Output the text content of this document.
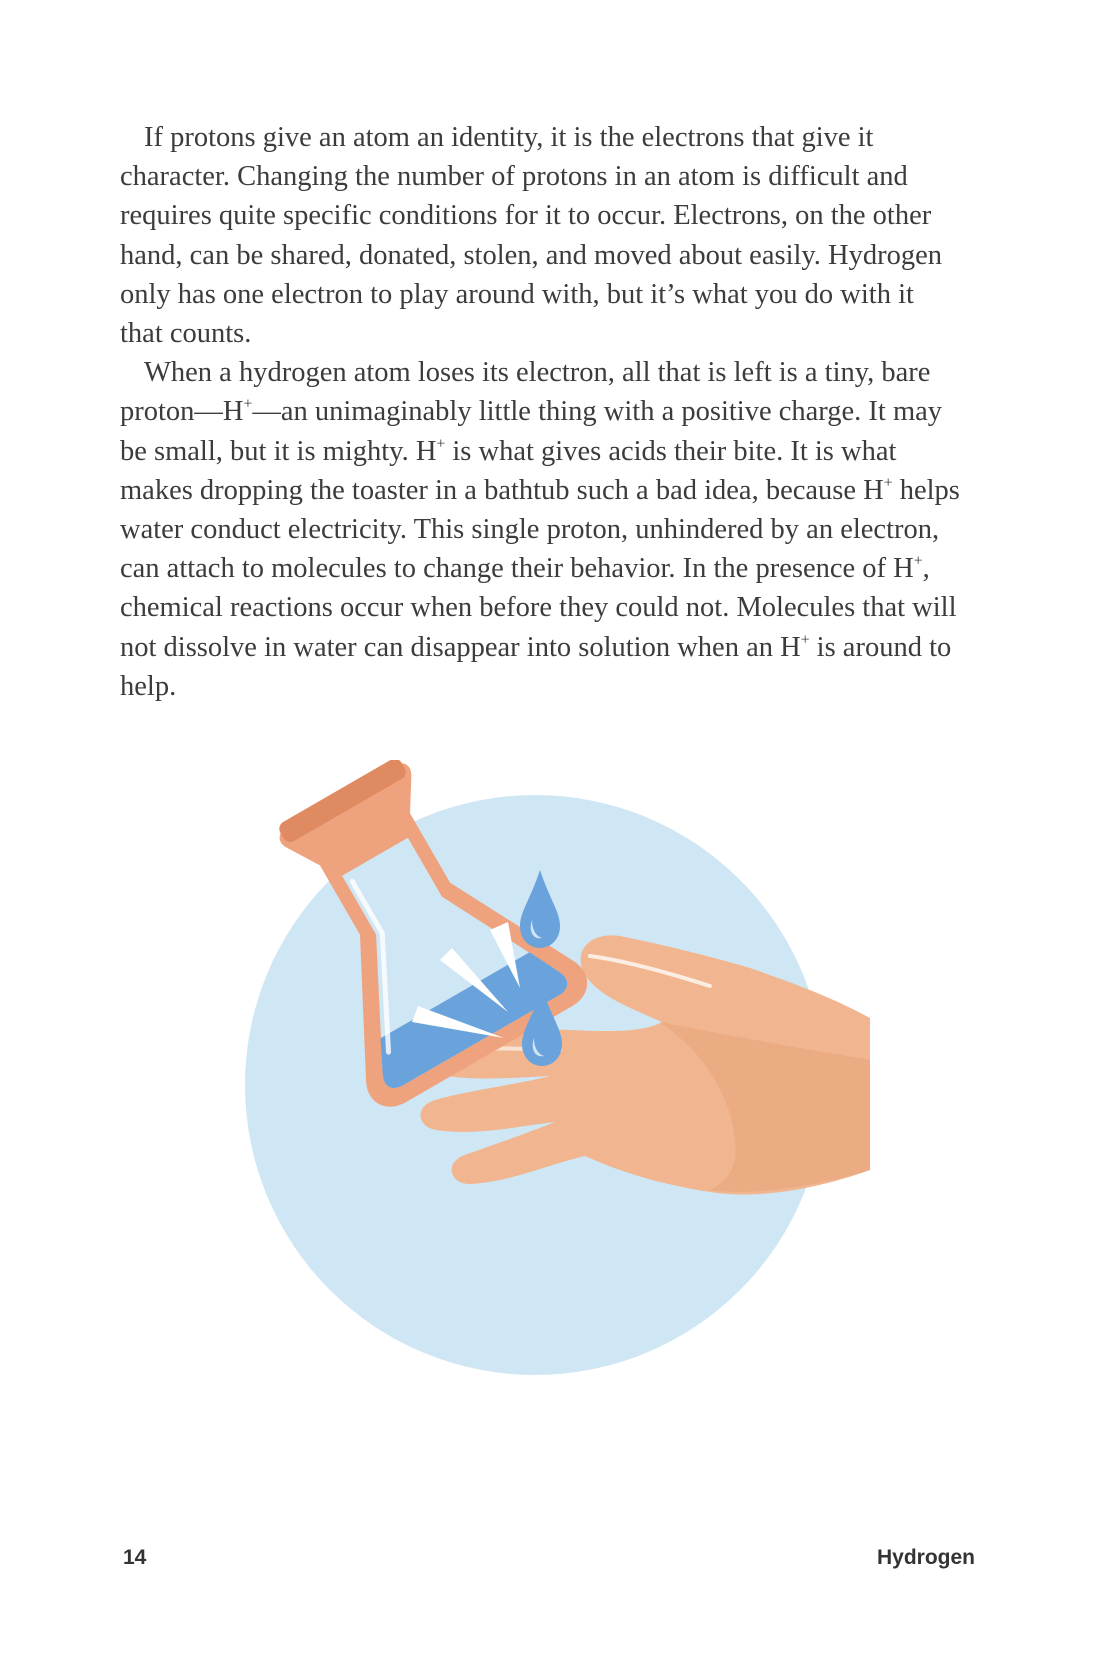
If protons give an atom an identity, it is the electrons that give it character. Changing the number of protons in an atom is difficult and requires quite specific conditions for it to occur. Electrons, on the other hand, can be shared, donated, stolen, and moved about easily. Hydrogen only has one electron to play around with, but it’s what you do with it that counts.

When a hydrogen atom loses its electron, all that is left is a tiny, bare proton—H+—an unimaginably little thing with a positive charge. It may be small, but it is mighty. H+ is what gives acids their bite. It is what makes dropping the toaster in a bathtub such a bad idea, because H+ helps water conduct electricity. This single proton, unhindered by an electron, can attach to molecules to change their behavior. In the presence of H+, chemical reactions occur when before they could not. Molecules that will not dissolve in water can disappear into solution when an H+ is around to help.

14	Hydrogen
